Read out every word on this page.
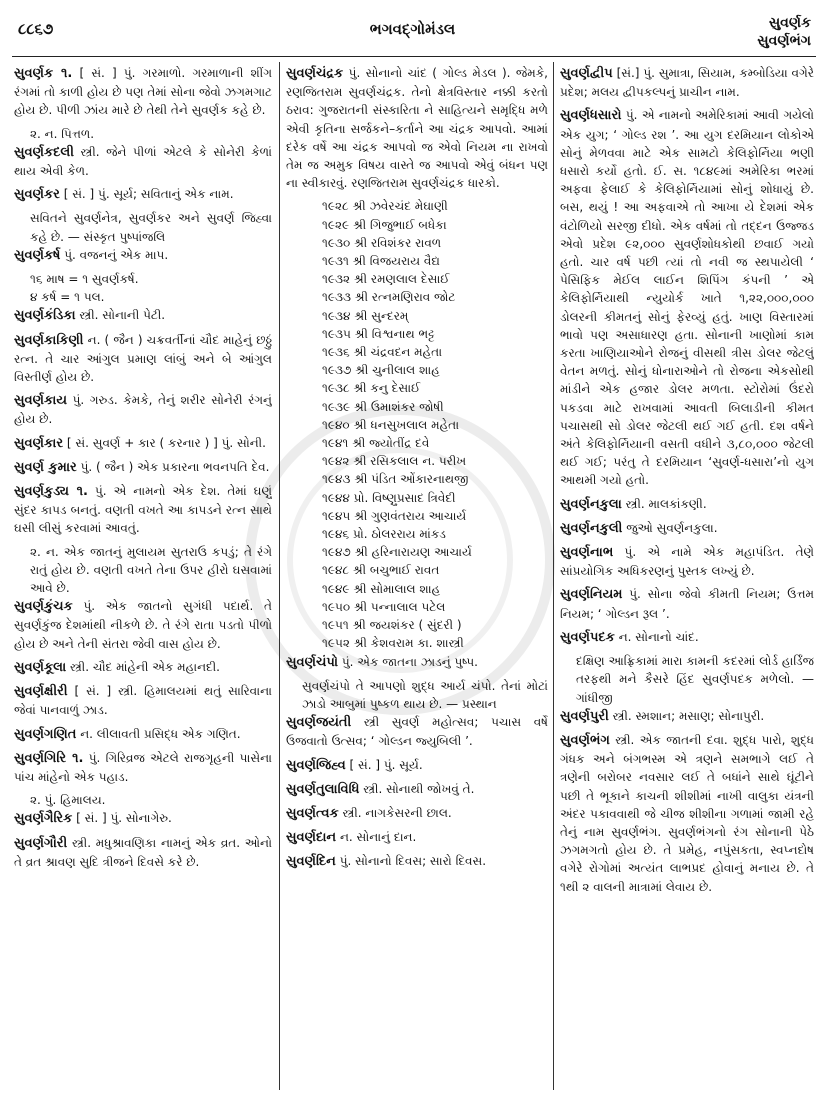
૮૮૬૭	ભગવદ્ગોમંડલ	સુવર્ણક
સુવર્ણભંગ
સુવર્ણક ૧. [ સં. ] પું. ગરમાળો. ગરમાળાની શીંગ રંગમાં તો કાળી હોય છે પણ તેમાં સોના જેવો ઝગમગાટ હોય છે. પીળી ઝાંય મારે છે તેથી તેને સુવર્ણક કહે છે.
૨. ન. પિત્તળ.
સુવર્ણકદલી સ્ત્રી. જેને પીળાં એટલે કે સોનેરી કેળાં થાય એવી કેળ.
સુવર્ણકર [ સં. ] પું. સૂર્ય; સવિતાનું એક નામ.
સવિતને સુવર્ણનેત્ર, સુવર્ણકર અને સુવર્ણ જિહ્વા કહે છે. — સંસ્કૃત પુષ્પાંજલિ
સુવર્ણકર્ષ પું. વજનનું એક માપ.
૧૬ માષ = ૧ સુવર્ણકર્ષ.
૪ કર્ષ = ૧ પલ.
સુવર્ણકંડિકા સ્ત્રી. સોનાની પેટી.
સુવર્ણકાકિણી ન. ( જૈન ) ચક્રવર્તીનાં ચૌદ માહેનું છઠ્ઠું રત્ન. તે ચાર આંગુલ પ્રમાણ લાંબું અને બે આંગુલ વિસ્તીર્ણ હોય છે.
સુવર્ણકાય પું. ગરુડ. કેમકે, તેનું શરીર સોનેરી રંગનું હોય છે.
સુવર્ણકાર [ સં. સુવર્ણ + કાર ( કરનાર ) ] પું. સોની.
સુવર્ણ કુમાર પું. ( જૈન ) એક પ્રકારના ભવનપતિ દેવ.
સુવર્ણકુડ્ય ૧. પું. એ નામનો એક દેશ. તેમાં ઘણું સુંદર કાપડ બનતું. વણતી વખતે આ કાપડને રત્ન સાથે ઘસી લીસું કરવામાં આવતું.
૨. ન. એક જાતનું મુલાયમ સુતરાઉ કપડું; તે રંગે રાતું હોય છે. વણતી વખતે તેના ઉપર હીરો ઘસવામાં આવે છે.
સુવર્ણકુંચક પું. એક જાતનો સુગંધી પદાર્થ. તે સુવર્ણકુંજ દેશમાંથી નીકળે છે. તે રંગે રાતા પડતો પીળો હોય છે અને તેની સંતરા જેવી વાસ હોય છે.
સુવર્ણકૂલા સ્ત્રી. ચૌદ માંહેની એક મહાનદી.
સુવર્ણક્ષીરી [ સં. ] સ્ત્રી. હિમાલયમાં થતું સારિવાના જેવાં પાનવાળું ઝાડ.
સુવર્ણગણિત ન. લીલાવતી પ્રસિદ્ધ એક ગણિત.
સુવર્ણગિરિ ૧. પું. ગિરિવ્રજ એટલે રાજગૃહની પાસેના પાંચ માંહેનો એક પહાડ.
૨. પું. હિમાલય.
સુવર્ણગૈરિક [ સં. ] પું. સોનાગેરુ.
સુવર્ણગૌરી સ્ત્રી. મધુશ્રાવણિકા નામનું એક વ્રત. ઓનો તે વ્રત શ્રાવણ સુદિ ત્રીજને દિવસે કરે છે.
સુવર્ણચંદ્રક પું. સોનાનો ચાંદ ( ગોલ્ડ મેડલ ). જેમકે, રણજિતરામ સુવર્ણચંદ્રક. તેનો ક્ષેત્રવિસ્તાર નક્કી કરતો ઠરાવ: ગુજરાતની સંસ્કારિતા ને સાહિત્યને સમૃદ્ધિ મળે એવી કૃતિના સર્જકને–કર્તાને આ ચંદ્રક આપવો. આમાં દરેક વર્ષે આ ચંદ્રક આપવો જ એવો નિયમ ના રાખવો તેમ જ અમુક વિષય વાસ્તે જ આપવો એવું બંધન પણ ના સ્વીકારવું. રણજિતરામ સુવર્ણચંદ્રક ધારકો.
૧૯૨૮ શ્રી ઝવેરચંદ મેઘાણી
૧૯૨૯ શ્રી ગિજુભાઈ બધેકા
૧૯૩૦ શ્રી રવિશંકર રાવળ
૧૯૩૧ શ્રી વિજયરાય વૈદ્ય
૧૯૩૨ શ્રી રમણલાલ દેસાઈ
૧૯૩૩ શ્રી રત્નમણિરાવ જોટ
૧૯૩૪ શ્રી સુન્દરમ્
૧૯૩૫ શ્રી વિશ્વનાથ ભટ્ટ
૧૯૩૬ શ્રી ચંદ્રવદન મહેતા
૧૯૩૭ શ્રી ચુનીલાલ શાહ
૧૯૩૮ શ્રી કનુ દેસાઈ
૧૯૩૯ શ્રી ઉમાશંકર જોષી
૧૯૪૦ શ્રી ધનસુખલાલ મહેતા
૧૯૪૧ શ્રી જ્યોતીંદ્ર દવે
૧૯૪૨ શ્રી રસિકલાલ ન. પરીખ
૧૯૪૩ શ્રી પંડિત ઓંકારનાથજી
૧૯૪૪ પ્રો. વિષ્ણુપ્રસાદ ત્રિવેદી
૧૯૪૫ શ્રી ગુણવંતરાય આચાર્ય
૧૯૪૬ પ્રો. ઠોલરરાય માંકડ
૧૯૪૭ શ્રી હરિનારાયણ આચાર્ય
૧૯૪૮ શ્રી બચુભાઈ રાવત
૧૯૪૯ શ્રી સોમાલાલ શાહ
૧૯૫૦ શ્રી પન્નાલાલ પટેલ
૧૯૫૧ શ્રી જયશંકર ( સુંદરી )
૧૯૫૨ શ્રી કેશવરામ કા. શાસ્ત્રી
સુવર્ણચંપો પું. એક જાતના ઝાડનું પુષ્પ.
સુવર્ણચંપો તે આપણો શુદ્ધ આર્ય ચંપો. તેનાં મોટાં ઝાડો આબુમાં પુષ્કળ થાય છે. — પ્રસ્થાન
સુવર્ણજયંતી સ્ત્રી સુવર્ણ મહોત્સવ; પચાસ વર્ષે ઉજવાતો ઉત્સવ; ‘ ગોલ્ડન જ્યુબિલી ’.
સુવર્ણજિહ્વ [ સં. ] પું. સૂર્ય.
સુવર્ણતુલાવિધિ સ્ત્રી. સોનાથી જોખવું તે.
સુવર્ણત્વક સ્ત્રી. નાગકેસરની છાલ.
સુવર્ણદાન ન. સોનાનું દાન.
સુવર્ણદિન પું. સોનાનો દિવસ; સારો દિવસ.
સુવર્ણદ્વીપ [સં.] પું. સુમાત્રા, સિયામ, કમ્બોડિયા વગેરે પ્રદેશ; મલય દ્વીપકલ્પનું પ્રાચીન નામ.
સુવર્ણધસારો પું. એ નામનો અમેરિકામાં આવી ગયેલો એક યુગ; ‘ ગોલ્ડ રશ ’. આ યુગ દરમિયાન લોકોએ સોનું મેળવવા માટે એક સામટો કેલિફોર્નિયા ભણી ધસારો કર્યો હતો. ઈ. સ. ૧૮૪૯માં અમેરિકા ભરમાં અફવા ફેલાઈ કે કેલિફોર્નિયામાં સોનું શોધાયું છે. બસ, થયું ! આ અફવાએ તો આખા યે દેશમાં એક વંટોળિયો સરજી દીધો. એક વર્ષમાં તો તદ્દન ઉજ્જડ એવો પ્રદેશ ૯૨,૦૦૦ સુવર્ણશોધકોથી છવાઈ ગયો હતો. ચાર વર્ષ પછી ત્યાં તો નવી જ સ્થપાયેલી ‘ પેસિફિક મેઈલ લાઈન શિપિંગ કંપની ’ એ કેલિફોર્નિયાથી ન્યુયોર્ક ખાતે ૧,૨૨,૦૦૦,૦૦૦ ડોલરની કીમતનું સોનું ફેરવ્યું હતું. ખાણ વિસ્તારમાં ભાવો પણ અસાધારણ હતા. સોનાની ખાણોમાં કામ કરતા ખાણિયાઓને રોજનું વીસથી ત્રીસ ડોલર જેટલું વેતન મળતું. સોનું ધોનારાઓને તો રોજના એકસોથી માંડીને એક હજાર ડોલર મળતા. સ્ટોરોમાં ઉંદરો પકડવા માટે રાખવામાં આવતી બિલાડીની કીમત પચાસથી સો ડોલર જેટલી થઈ ગઈ હતી. દશ વર્ષને અંતે કેલિફોર્નિયાની વસતી વધીને ૩,૮૦,૦૦૦ જેટલી થઈ ગઈ; પરંતુ તે દરમિયાન ‘સુવર્ણ-ધસારા’નો યુગ આથમી ગયો હતો.
સુવર્ણનકુલા સ્ત્રી. માલકાંકણી.
સુવર્ણનકુલી જુઓ સુવર્ણનકુલા.
સુવર્ણનાભ પું. એ નામે એક મહાપંડિત. તેણે સાંપ્રયોગિક અધિકરણનું પુસ્તક લખ્યું છે.
સુવર્ણનિયમ પું. સોના જેવો કીમતી નિયમ; ઉત્તમ નિયમ; ‘ ગોલ્ડન રૂલ ’.
સુવર્ણપદક ન. સોનાનો ચાંદ.
દક્ષિણ આફ્રિકામાં મારા કામની કદરમાં લોર્ડ હાર્ડિંજ તરફથી મને કૈસરે હિંદ સુવર્ણપદક મળેલો. — ગાંધીજી
સુવર્ણપુરી સ્ત્રી. સ્મશાન; મસાણ; સોનાપુરી.
સુવર્ણભંગ સ્ત્રી. એક જાતની દવા. શુદ્ધ પારો, શુદ્ધ ગંધક અને બંગભસ્મ એ ત્રણને સમભાગે લઈ તે ત્રણેની બરોબર નવસાર લઈ તે બધાંને સાથે ઘૂંટીને પછી તે ભૂકાને કાચની શીશીમાં નાખી વાલુકા યંત્રની અંદર પકાવવાથી જે ચીજ શીશીના ગળામાં જામી રહે તેનું નામ સુવર્ણભંગ. સુવર્ણભંગનો રંગ સોનાની પેઠે ઝગમગતો હોય છે. તે પ્રમેહ, નપુંસકતા, સ્વપ્નદોષ વગેરે રોગોમાં અત્યંત લાભપ્રદ હોવાનું મનાય છે. તે ૧થી ૨ વાલની માત્રામાં લેવાય છે.
